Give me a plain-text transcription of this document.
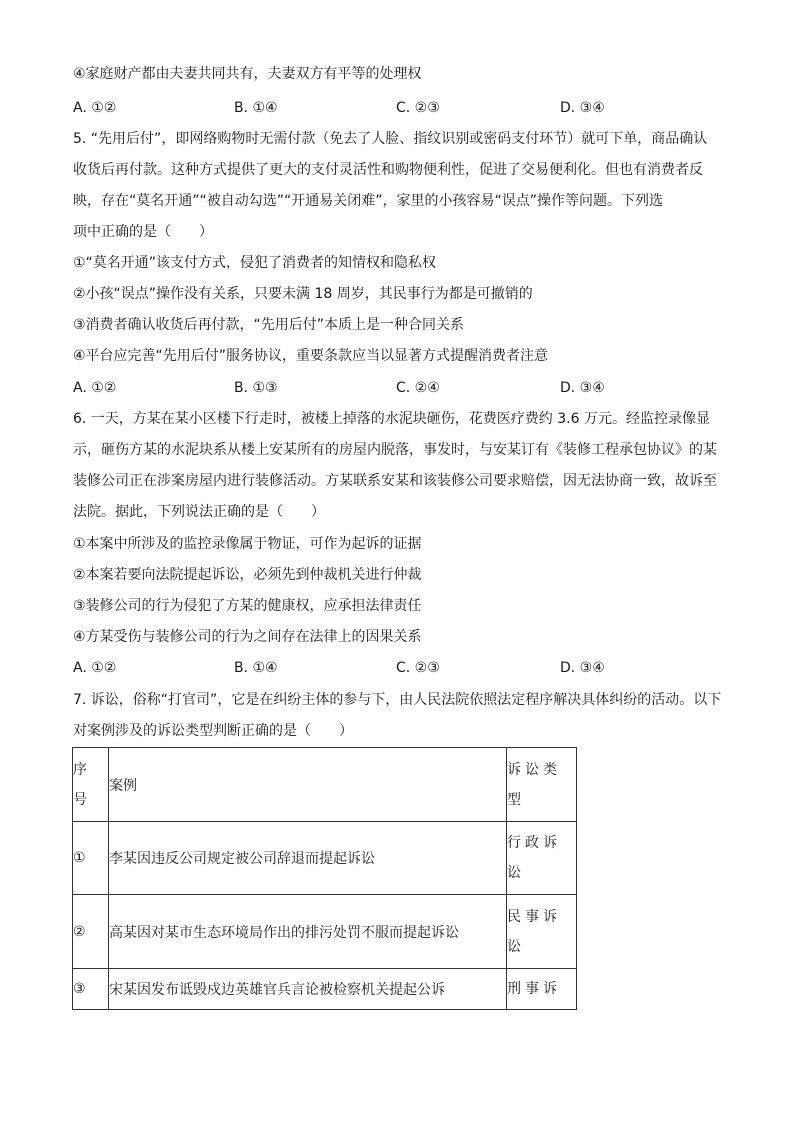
④家庭财产都由夫妻共同共有，夫妻双方有平等的处理权
A. ①②	B. ①④	C. ②③	D. ③④
5. “先用后付”，即网络购物时无需付款（免去了人脸、指纹识别或密码支付环节）就可下单，商品确认
收货后再付款。这种方式提供了更大的支付灵活性和购物便利性，促进了交易便利化。但也有消费者反
映，存在“莫名开通”“被自动勾选”“开通易关闭难”，家里的小孩容易“误点”操作等问题。下列选
项中正确的是（　　）
①“莫名开通”该支付方式，侵犯了消费者的知情权和隐私权
②小孩“误点”操作没有关系，只要未满 18 周岁，其民事行为都是可撤销的
③消费者确认收货后再付款，“先用后付”本质上是一种合同关系
④平台应完善“先用后付”服务协议，重要条款应当以显著方式提醒消费者注意
A. ①②	B. ①③	C. ②④	D. ③④
6. 一天，方某在某小区楼下行走时，被楼上掉落的水泥块砸伤，花费医疗费约 3.6 万元。经监控录像显
示，砸伤方某的水泥块系从楼上安某所有的房屋内脱落，事发时，与安某订有《装修工程承包协议》的某
装修公司正在涉案房屋内进行装修活动。方某联系安某和该装修公司要求赔偿，因无法协商一致，故诉至
法院。据此，下列说法正确的是（　　）
①本案中所涉及的监控录像属于物证，可作为起诉的证据
②本案若要向法院提起诉讼，必须先到仲裁机关进行仲裁
③装修公司的行为侵犯了方某的健康权，应承担法律责任
④方某受伤与装修公司的行为之间存在法律上的因果关系
A. ①②	B. ①④	C. ②③	D. ③④
7. 诉讼，俗称“打官司”，它是在纠纷主体的参与下，由人民法院依照法定程序解决具体纠纷的活动。以下
对案例涉及的诉讼类型判断正确的是（　　）
序
号	案例	诉讼类
型

①	李某因违反公司规定被公司辞退而提起诉讼	行政诉
讼

②	高某因对某市生态环境局作出的排污处罚不服而提起诉讼	民事诉
讼

③	宋某因发布诋毁戍边英雄官兵言论被检察机关提起公诉	刑事诉
